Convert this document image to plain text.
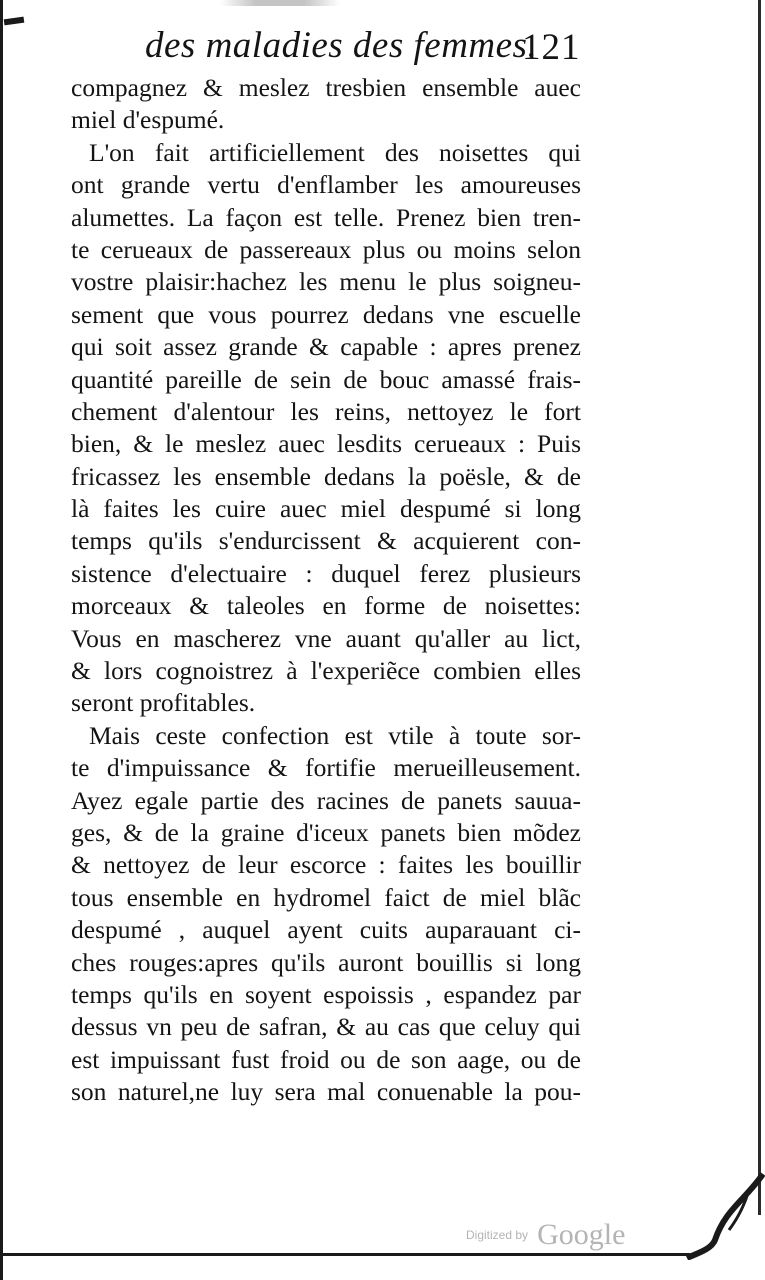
des maladies des femmes.
121
compagnez & meslez tresbien ensemble auec
miel d'espumé.
L'on fait artificiellement des noisettes qui
ont grande vertu d'enflamber les amoureuses
alumettes. La façon est telle. Prenez bien tren-
te cerueaux de passereaux plus ou moins selon
vostre plaisir:hachez les menu le plus soigneu-
sement que vous pourrez dedans vne escuelle
qui soit assez grande & capable : apres prenez
quantité pareille de sein de bouc amassé frais-
chement d'alentour les reins, nettoyez le fort
bien, & le meslez auec lesdits cerueaux : Puis
fricassez les ensemble dedans la poësle, & de
là faites les cuire auec miel despumé si long
temps qu'ils s'endurcissent & acquierent con-
sistence d'electuaire : duquel ferez plusieurs
morceaux & taleoles en forme de noisettes:
Vous en mascherez vne auant qu'aller au lict,
& lors cognoistrez à l'experiẽce combien elles
seront profitables.
Mais ceste confection est vtile à toute sor-
te d'impuissance & fortifie merueilleusement.
Ayez egale partie des racines de panets sauua-
ges, & de la graine d'iceux panets bien mõdez
& nettoyez de leur escorce : faites les bouillir
tous ensemble en hydromel faict de miel blãc
despumé , auquel ayent cuits auparauant ci-
ches rouges:apres qu'ils auront bouillis si long
temps qu'ils en soyent espoissis , espandez par
dessus vn peu de safran, & au cas que celuy qui
est impuissant fust froid ou de son aage, ou de
son naturel,ne luy sera mal conuenable la pou-
Digitized by Google
